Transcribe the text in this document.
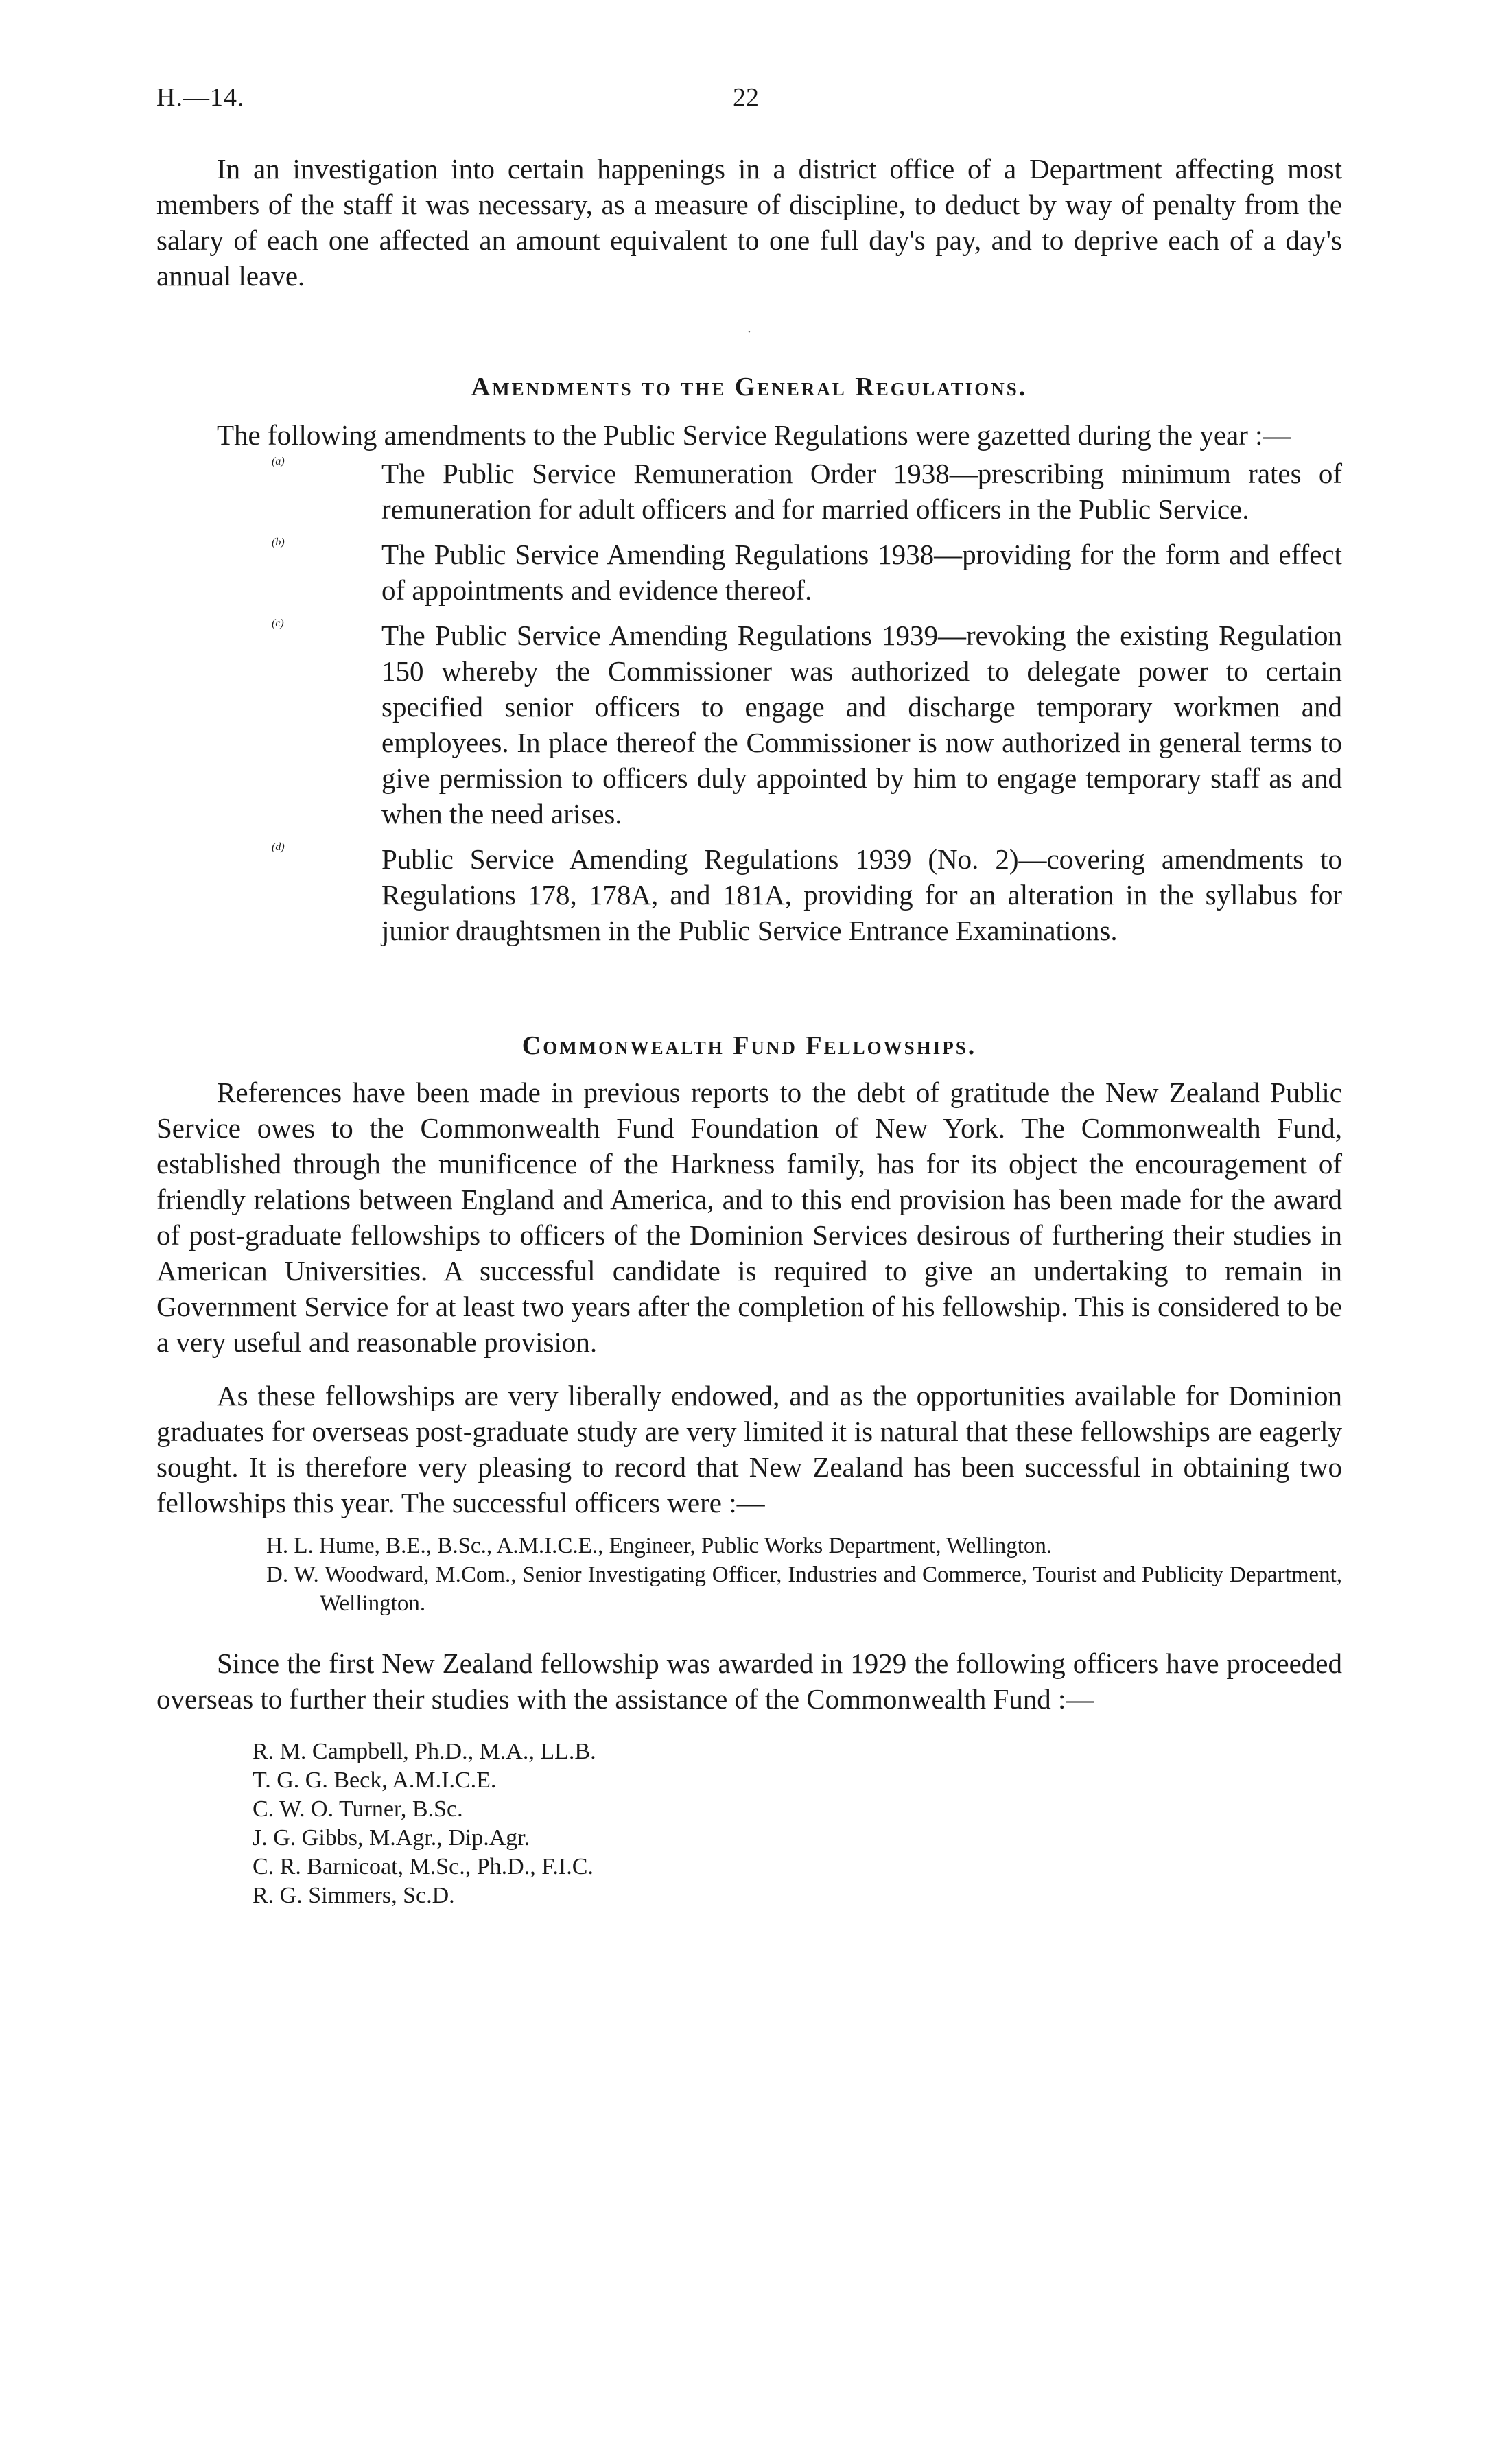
H.—14.	22

In an investigation into certain happenings in a district office of a Department affecting most members of the staff it was necessary, as a measure of discipline, to deduct by way of penalty from the salary of each one affected an amount equivalent to one full day's pay, and to deprive each of a day's annual leave.

·
Amendments to the General Regulations.

The following amendments to the Public Service Regulations were gazetted during the year :—

(a)	The Public Service Remuneration Order 1938—prescribing minimum rates of remuneration for adult officers and for married officers in the Public Service.

(b)	The Public Service Amending Regulations 1938—providing for the form and effect of appointments and evidence thereof.

(c)	The Public Service Amending Regulations 1939—revoking the existing Regulation 150 whereby the Commissioner was authorized to delegate power to certain specified senior officers to engage and discharge temporary workmen and employees. In place thereof the Commissioner is now authorized in general terms to give permission to officers duly appointed by him to engage temporary staff as and when the need arises.

(d)	Public Service Amending Regulations 1939 (No. 2)—covering amendments to Regulations 178, 178A, and 181A, providing for an alteration in the syllabus for junior draughtsmen in the Public Service Entrance Examinations.

Commonwealth Fund Fellowships.

References have been made in previous reports to the debt of gratitude the New Zealand Public Service owes to the Commonwealth Fund Foundation of New York. The Commonwealth Fund, established through the munificence of the Harkness family, has for its object the encouragement of friendly relations between England and America, and to this end provision has been made for the award of post-graduate fellowships to officers of the Dominion Services desirous of furthering their studies in American Universities. A successful candidate is required to give an undertaking to remain in Government Service for at least two years after the completion of his fellowship. This is considered to be a very useful and reasonable provision.

As these fellowships are very liberally endowed, and as the opportunities available for Dominion graduates for overseas post-graduate study are very limited it is natural that these fellowships are eagerly sought. It is therefore very pleasing to record that New Zealand has been successful in obtaining two fellowships this year. The successful officers were :—

H. L. Hume, B.E., B.Sc., A.M.I.C.E., Engineer, Public Works Department, Wellington.

D. W. Woodward, M.Com., Senior Investigating Officer, Industries and Commerce, Tourist and Publicity Department, Wellington.

Since the first New Zealand fellowship was awarded in 1929 the following officers have proceeded overseas to further their studies with the assistance of the Commonwealth Fund :—

R. M. Campbell, Ph.D., M.A., LL.B.
T. G. G. Beck, A.M.I.C.E.
C. W. O. Turner, B.Sc.
J. G. Gibbs, M.Agr., Dip.Agr.
C. R. Barnicoat, M.Sc., Ph.D., F.I.C.
R. G. Simmers, Sc.D.
